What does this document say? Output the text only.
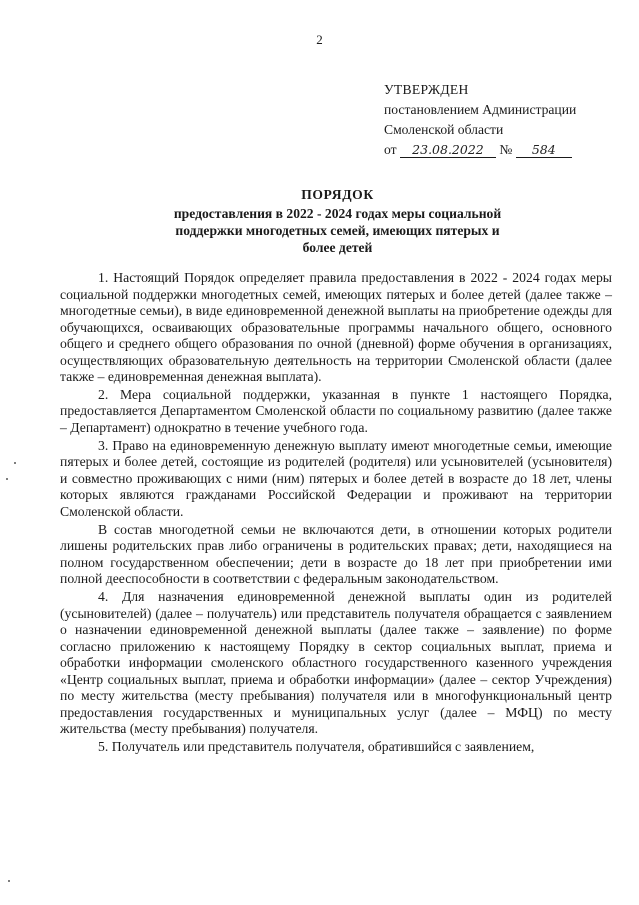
2
УТВЕРЖДЕН
постановлением Администрации
Смоленской области
от 23.08.2022 № 584
ПОРЯДОК
предоставления в 2022 - 2024 годах меры социальной
поддержки многодетных семей, имеющих пятерых и
более детей

1. Настоящий Порядок определяет правила предоставления в 2022 - 2024 годах меры социальной поддержки многодетных семей, имеющих пятерых и более детей (далее также – многодетные семьи), в виде единовременной денежной выплаты на приобретение одежды для обучающихся, осваивающих образовательные программы начального общего, основного общего и среднего общего образования по очной (дневной) форме обучения в организациях, осуществляющих образовательную деятельность на территории Смоленской области (далее также – единовременная денежная выплата).

2. Мера социальной поддержки, указанная в пункте 1 настоящего Порядка, предоставляется Департаментом Смоленской области по социальному развитию (далее также – Департамент) однократно в течение учебного года.

3. Право на единовременную денежную выплату имеют многодетные семьи, имеющие пятерых и более детей, состоящие из родителей (родителя) или усыновителей (усыновителя) и совместно проживающих с ними (ним) пятерых и более детей в возрасте до 18 лет, члены которых являются гражданами Российской Федерации и проживают на территории Смоленской области.

В состав многодетной семьи не включаются дети, в отношении которых родители лишены родительских прав либо ограничены в родительских правах; дети, находящиеся на полном государственном обеспечении; дети в возрасте до 18 лет при приобретении ими полной дееспособности в соответствии с федеральным законодательством.

4. Для назначения единовременной денежной выплаты один из родителей (усыновителей) (далее – получатель) или представитель получателя обращается с заявлением о назначении единовременной денежной выплаты (далее также – заявление) по форме согласно приложению к настоящему Порядку в сектор социальных выплат, приема и обработки информации смоленского областного государственного казенного учреждения «Центр социальных выплат, приема и обработки информации» (далее – сектор Учреждения) по месту жительства (месту пребывания) получателя или в многофункциональный центр предоставления государственных и муниципальных услуг (далее – МФЦ) по месту жительства (месту пребывания) получателя.

5. Получатель или представитель получателя, обратившийся с заявлением,
